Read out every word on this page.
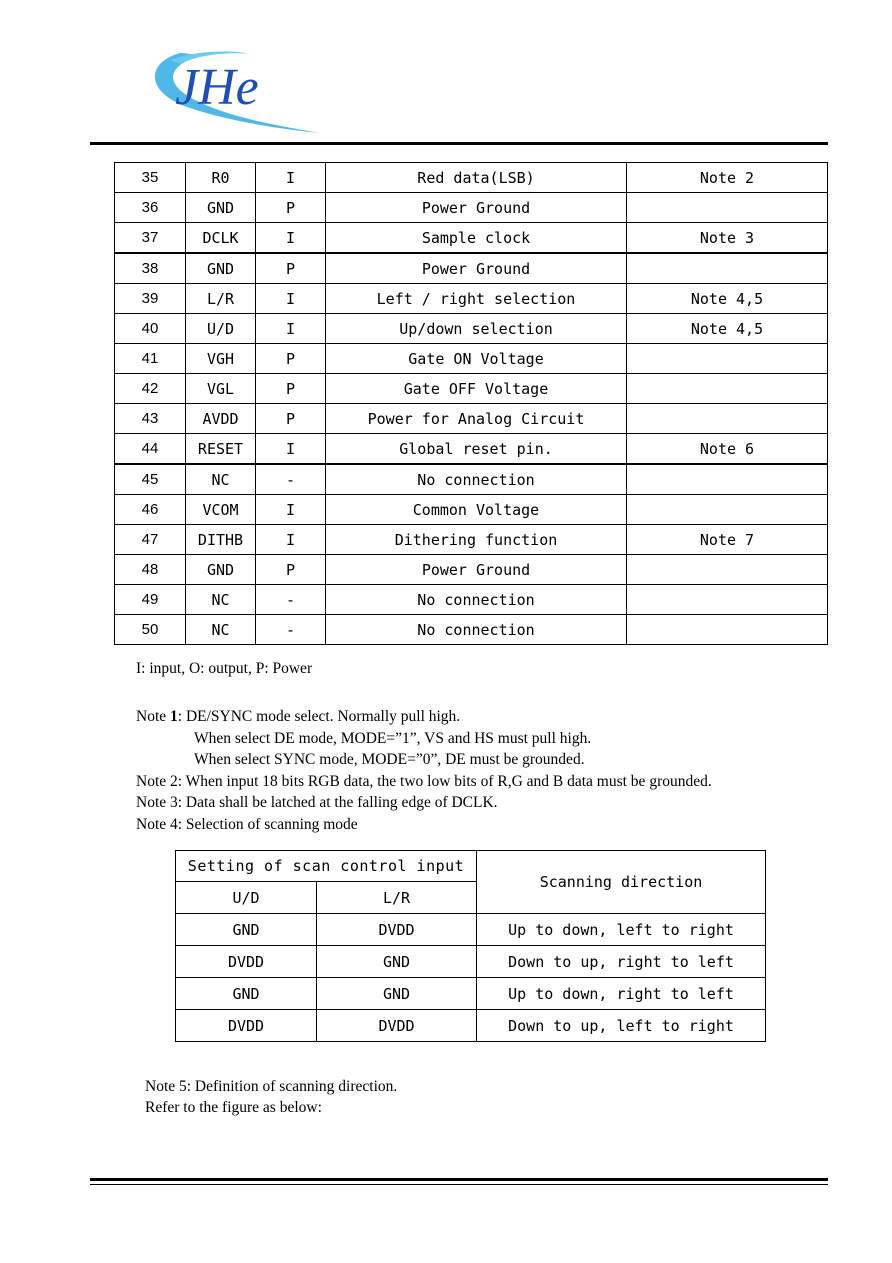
JHe
35	R0	I	Red data(LSB)	Note 2
36	GND	P	Power Ground	
37	DCLK	I	Sample clock	Note 3
38	GND	P	Power Ground	
39	L/R	I	Left / right selection	Note 4,5
40	U/D	I	Up/down selection	Note 4,5
41	VGH	P	Gate ON Voltage	
42	VGL	P	Gate OFF Voltage	
43	AVDD	P	Power for Analog Circuit	
44	RESET	I	Global reset pin.	Note 6
45	NC	-	No connection	
46	VCOM	I	Common Voltage	
47	DITHB	I	Dithering function	Note 7
48	GND	P	Power Ground	
49	NC	-	No connection	
50	NC	-	No connection	
I: input, O: output, P: Power
Note 1: DE/SYNC mode select. Normally pull high.
When select DE mode, MODE=”1”, VS and HS must pull high.
When select SYNC mode, MODE=”0”, DE must be grounded.
Note 2: When input 18 bits RGB data, the two low bits of R,G and B data must be grounded.
Note 3: Data shall be latched at the falling edge of DCLK.
Note 4: Selection of scanning mode
Setting of scan control input		Scanning direction
U/D	L/R	
GND	DVDD	Up to down, left to right
DVDD	GND	Down to up, right to left
GND	GND	Up to down, right to left
DVDD	DVDD	Down to up, left to right
Note 5: Definition of scanning direction.
Refer to the figure as below:
